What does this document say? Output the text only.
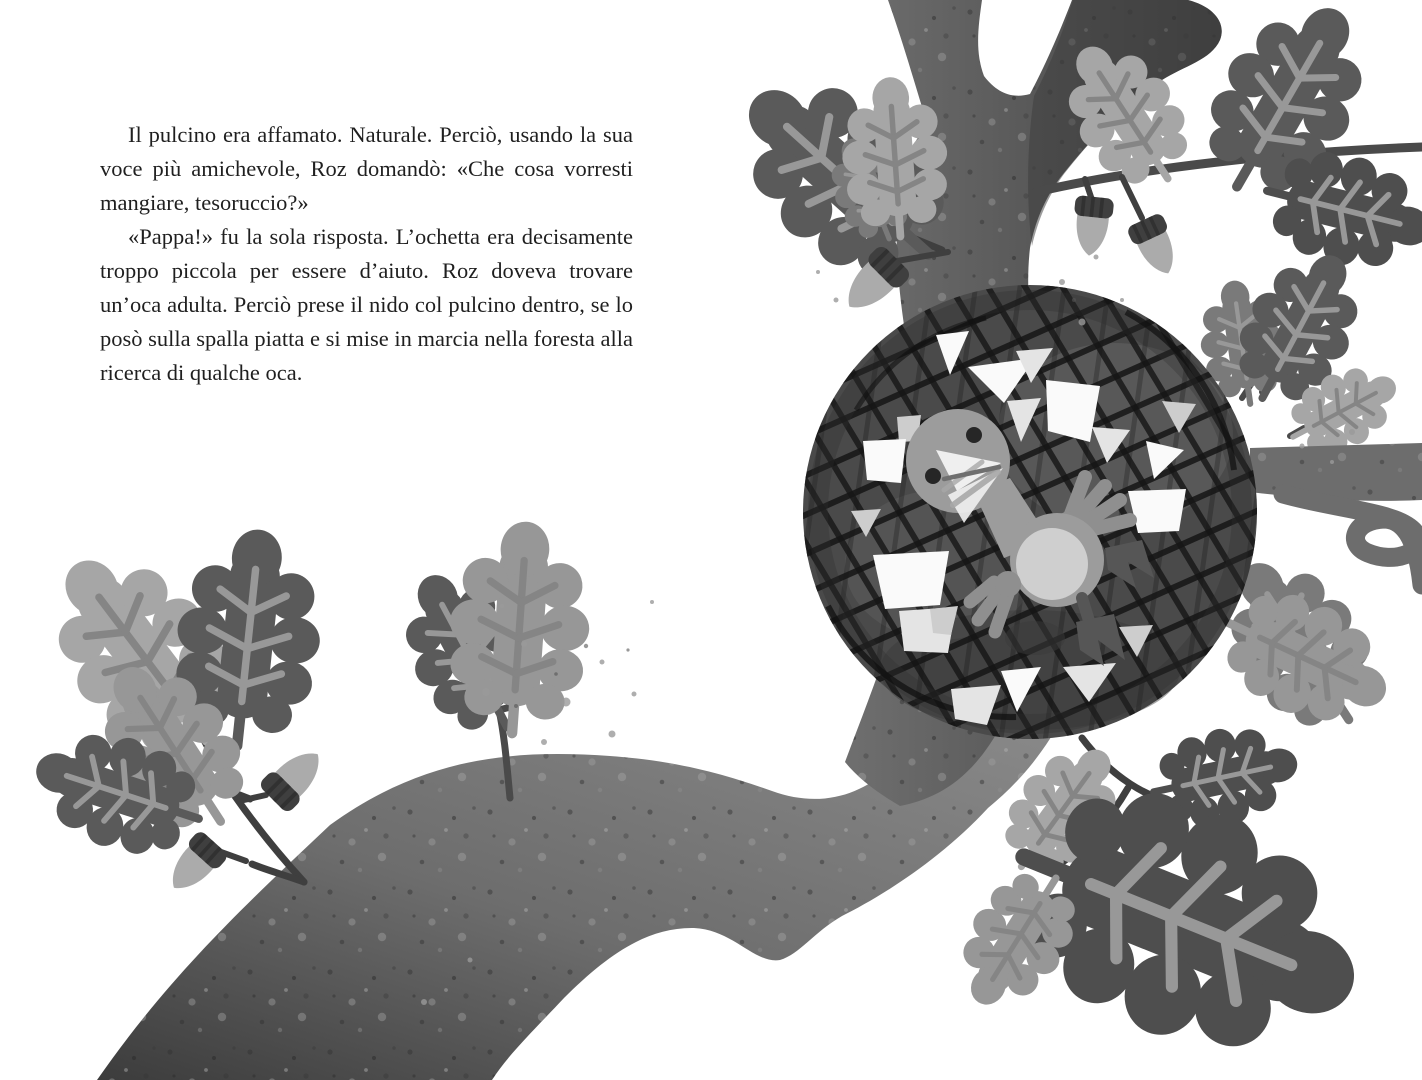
Il pulcino era affamato. Naturale. Perciò, usando la sua voce più amichevole, Roz domandò: «Che cosa vorresti mangiare, tesoruccio?»

«Pappa!» fu la sola risposta. L’ochetta era decisamente troppo piccola per essere d’aiuto. Roz doveva trovare un’oca adulta. Perciò prese il nido col pulcino dentro, se lo posò sulla spalla piatta e si mise in marcia nella foresta alla ricerca di qualche oca.
